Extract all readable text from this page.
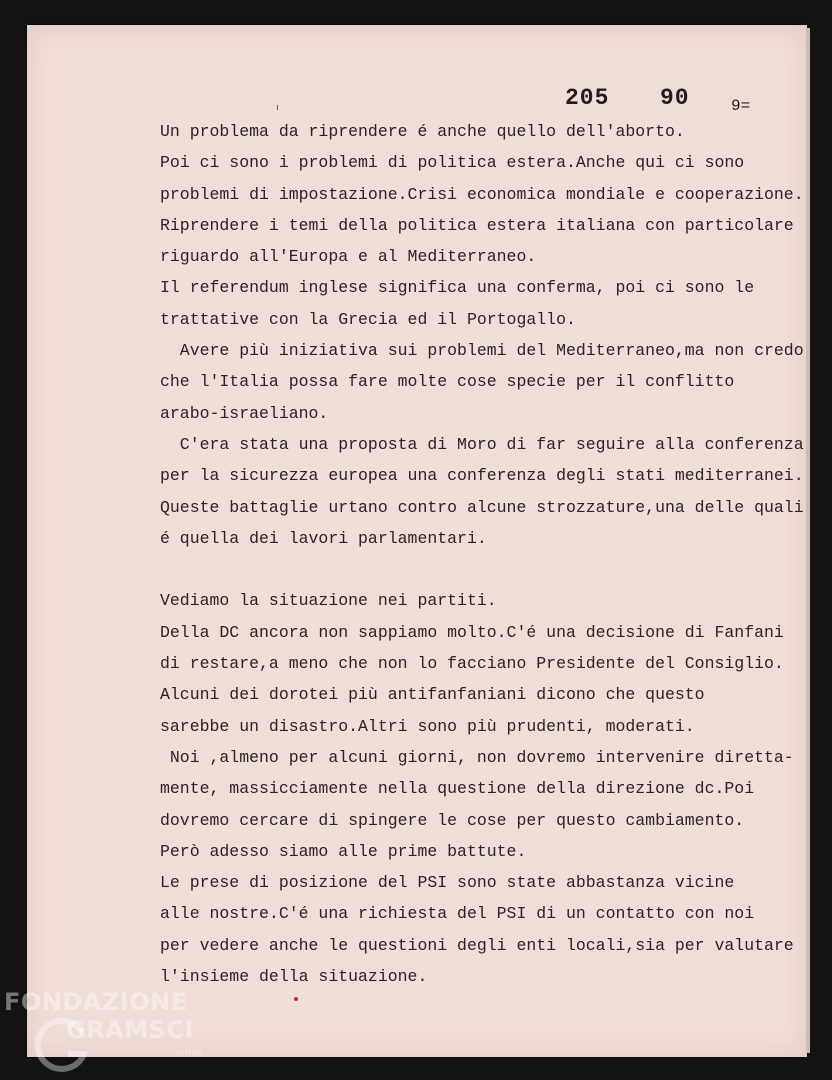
205 90	9=
Un problema da riprendere é anche quello dell'aborto.
Poi ci sono i problemi di politica estera.Anche qui ci sono
problemi di impostazione.Crisi economica mondiale e cooperazione.
Riprendere i temi della politica estera italiana con particolare
riguardo all'Europa e al Mediterraneo.
Il referendum inglese significa una conferma, poi ci sono le
trattative con la Grecia ed il Portogallo.
Avere più iniziativa sui problemi del Mediterraneo,ma non credo
che l'Italia possa fare molte cose specie per il conflitto
arabo-israeliano.
C'era stata una proposta di Moro di far seguire alla conferenza
per la sicurezza europea una conferenza degli stati mediterranei.
Queste battaglie urtano contro alcune strozzature,una delle quali
é quella dei lavori parlamentari.
Vediamo la situazione nei partiti.
Della DC ancora non sappiamo molto.C'é una decisione di Fanfani
di restare,a meno che non lo facciano Presidente del Consiglio.
Alcuni dei dorotei più antifanfaniani dicono che questo
sarebbe un disastro.Altri sono più prudenti, moderati.
Noi ,almeno per alcuni giorni, non dovremo intervenire diretta-
mente, massicciamente nella questione della direzione dc.Poi
dovremo cercare di spingere le cose per questo cambiamento.
Però adesso siamo alle prime battute.
Le prese di posizione del PSI sono state abbastanza vicine
alle nostre.C'é una richiesta del PSI di un contatto con noi
per vedere anche le questioni degli enti locali,sia per valutare
l'insieme della situazione.
FONDAZIONE
GRAMSCI
onlus
